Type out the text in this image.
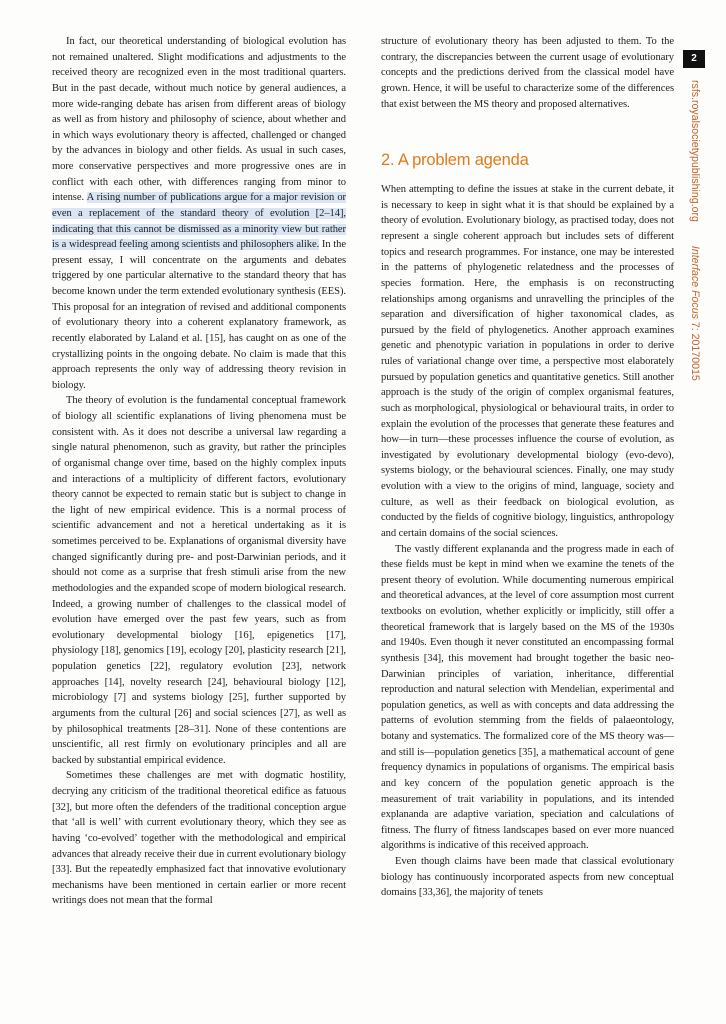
In fact, our theoretical understanding of biological evolution has not remained unaltered. Slight modifications and adjustments to the received theory are recognized even in the most traditional quarters. But in the past decade, without much notice by general audiences, a more wide-ranging debate has arisen from different areas of biology as well as from history and philosophy of science, about whether and in which ways evolutionary theory is affected, challenged or changed by the advances in biology and other fields. As usual in such cases, more conservative perspectives and more progressive ones are in conflict with each other, with differences ranging from minor to intense. A rising number of publications argue for a major revision or even a replacement of the standard theory of evolution [2–14], indicating that this cannot be dismissed as a minority view but rather is a widespread feeling among scientists and philosophers alike. In the present essay, I will concentrate on the arguments and debates triggered by one particular alternative to the standard theory that has become known under the term extended evolutionary synthesis (EES). This proposal for an integration of revised and additional components of evolutionary theory into a coherent explanatory framework, as recently elaborated by Laland et al. [15], has caught on as one of the crystallizing points in the ongoing debate. No claim is made that this approach represents the only way of addressing theory revision in biology.

The theory of evolution is the fundamental conceptual framework of biology all scientific explanations of living phenomena must be consistent with. As it does not describe a universal law regarding a single natural phenomenon, such as gravity, but rather the principles of organismal change over time, based on the highly complex inputs and interactions of a multiplicity of different factors, evolutionary theory cannot be expected to remain static but is subject to change in the light of new empirical evidence. This is a normal process of scientific advancement and not a heretical undertaking as it is sometimes perceived to be. Explanations of organismal diversity have changed significantly during pre- and post-Darwinian periods, and it should not come as a surprise that fresh stimuli arise from the new methodologies and the expanded scope of modern biological research. Indeed, a growing number of challenges to the classical model of evolution have emerged over the past few years, such as from evolutionary developmental biology [16], epigenetics [17], physiology [18], genomics [19], ecology [20], plasticity research [21], population genetics [22], regulatory evolution [23], network approaches [14], novelty research [24], behavioural biology [12], microbiology [7] and systems biology [25], further supported by arguments from the cultural [26] and social sciences [27], as well as by philosophical treatments [28–31]. None of these contentions are unscientific, all rest firmly on evolutionary principles and all are backed by substantial empirical evidence.

Sometimes these challenges are met with dogmatic hostility, decrying any criticism of the traditional theoretical edifice as fatuous [32], but more often the defenders of the traditional conception argue that ‘all is well’ with current evolutionary theory, which they see as having ‘co-evolved’ together with the methodological and empirical advances that already receive their due in current evolutionary biology [33]. But the repeatedly emphasized fact that innovative evolutionary mechanisms have been mentioned in certain earlier or more recent writings does not mean that the formal

structure of evolutionary theory has been adjusted to them. To the contrary, the discrepancies between the current usage of evolutionary concepts and the predictions derived from the classical model have grown. Hence, it will be useful to characterize some of the differences that exist between the MS theory and proposed alternatives.

2. A problem agenda

When attempting to define the issues at stake in the current debate, it is necessary to keep in sight what it is that should be explained by a theory of evolution. Evolutionary biology, as practised today, does not represent a single coherent approach but includes sets of different topics and research programmes. For instance, one may be interested in the patterns of phylogenetic relatedness and the processes of species formation. Here, the emphasis is on reconstructing relationships among organisms and unravelling the principles of the separation and diversification of higher taxonomical clades, as pursued by the field of phylogenetics. Another approach examines genetic and phenotypic variation in populations in order to derive rules of variational change over time, a perspective most elaborately pursued by population genetics and quantitative genetics. Still another approach is the study of the origin of complex organismal features, such as morphological, physiological or behavioural traits, in order to explain the evolution of the processes that generate these features and how—in turn—these processes influence the course of evolution, as investigated by evolutionary developmental biology (evo-devo), systems biology, or the behavioural sciences. Finally, one may study evolution with a view to the origins of mind, language, society and culture, as well as their feedback on biological evolution, as conducted by the fields of cognitive biology, linguistics, anthropology and certain domains of the social sciences.

The vastly different explananda and the progress made in each of these fields must be kept in mind when we examine the tenets of the present theory of evolution. While documenting numerous empirical and theoretical advances, at the level of core assumption most current textbooks on evolution, whether explicitly or implicitly, still offer a theoretical framework that is largely based on the MS of the 1930s and 1940s. Even though it never constituted an encompassing formal synthesis [34], this movement had brought together the basic neo-Darwinian principles of variation, inheritance, differential reproduction and natural selection with Mendelian, experimental and population genetics, as well as with concepts and data addressing the patterns of evolution stemming from the fields of palaeontology, botany and systematics. The formalized core of the MS theory was—and still is—population genetics [35], a mathematical account of gene frequency dynamics in populations of organisms. The empirical basis and key concern of the population genetic approach is the measurement of trait variability in populations, and its intended explananda are adaptive variation, speciation and calculations of fitness. The flurry of fitness landscapes based on ever more nuanced algorithms is indicative of this received approach.

Even though claims have been made that classical evolutionary biology has continuously incorporated aspects from new conceptual domains [33,36], the majority of tenets

2
rsfs.royalsocietypublishing.orgInterface Focus 7: 20170015
